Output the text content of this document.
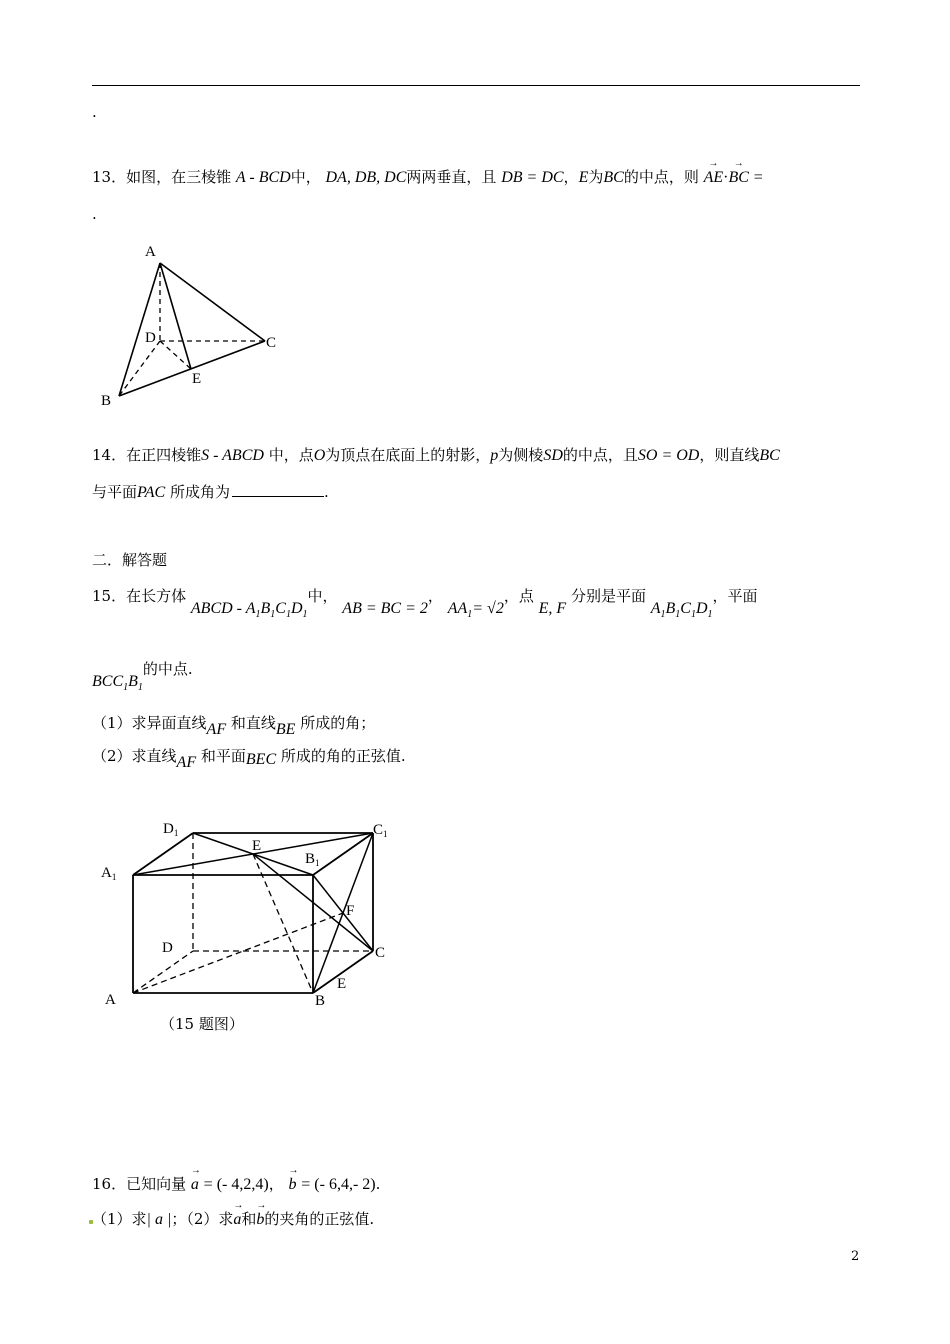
.
13．如图，在三棱锥 A - BCD中， DA, DB, DC两两垂直，且 DB = DC，E为BC的中点，则 → AE·→ BC =
.
A
D	C
E
B
14．在正四棱锥S - ABCD 中，点O为顶点在底面上的射影，p为侧棱SD的中点，且SO = OD，则直线BC
与平面PAC 所成角为	.
二．解答题
15．在长方体 ABCD - $A_1B_1C_1D_1$中， AB = BC = 2， $AA_1= √2$，点 E, F 分别是平面 $A_1B_1C_1D_1$，平面
$BCC_1B_1$的中点.
（1）求异面直线AF 和直线BE 所成的角；
（2）求直线AF 和平面BEC 所成的角的正弦值.
$D_1$	$C_1$
E
$B_1$
$A_1$
F
D	C
E
A	B
（15 题图）
16．已知向量 → a = (- 4,2,4)， → b = (- 6,4,- 2).
（1）求| a |；（2）求→ a和→ b的夹角的正弦值.
2
